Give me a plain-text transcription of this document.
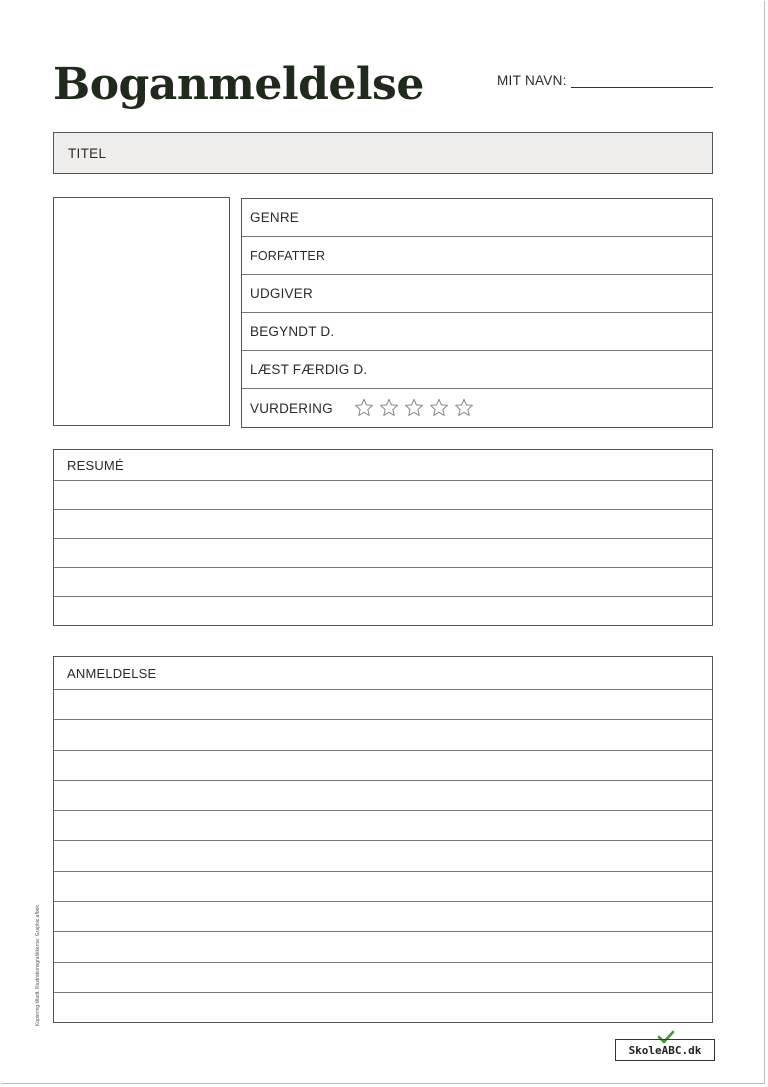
Boganmeldelse	MIT NAVN:
TITEL
GENRE
FORFATTER
UDGIVER
BEGYNDT D.
LÆST FÆRDIG D.
VURDERING
RESUMÉ
ANMELDELSE
Kopiering tilladt. Illustrationsgrafikkerne: Graphic afbek.
SkoleABC.dk
